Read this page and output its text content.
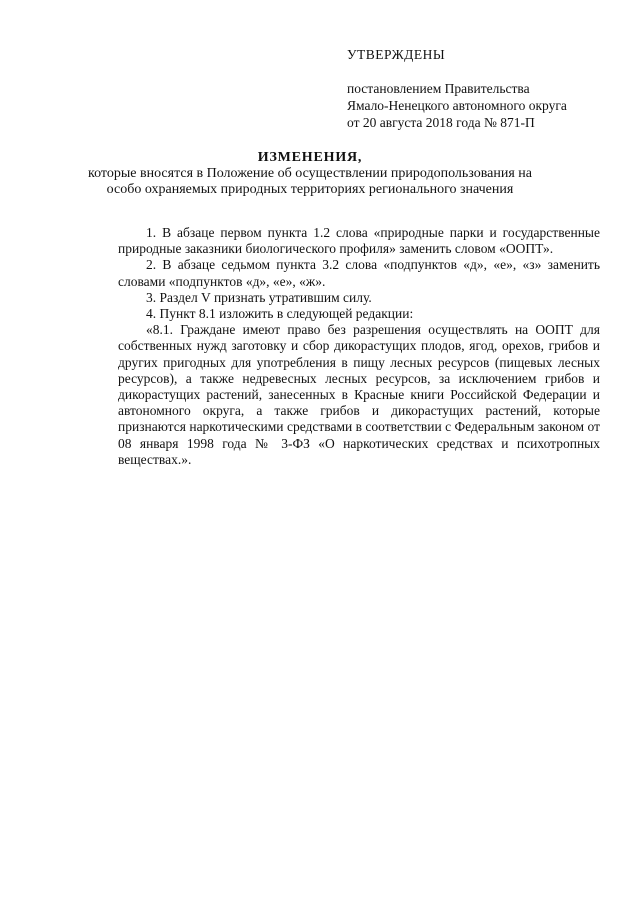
УТВЕРЖДЕНЫ
постановлением Правительства
Ямало-Ненецкого автономного округа
от 20 августа 2018 года № 871-П
ИЗМЕНЕНИЯ,
которые вносятся в Положение об осуществлении природопользования на
особо охраняемых природных территориях регионального значения

1. В абзаце первом пункта 1.2 слова «природные парки и государственные природные заказники биологического профиля» заменить словом «ООПТ».

2. В абзаце седьмом пункта 3.2 слова «подпунктов «д», «е», «з» заменить словами «подпунктов «д», «е», «ж».

3. Раздел V признать утратившим силу.

4. Пункт 8.1 изложить в следующей редакции:

«8.1. Граждане имеют право без разрешения осуществлять на ООПТ для собственных нужд заготовку и сбор дикорастущих плодов, ягод, орехов, грибов и других пригодных для употребления в пищу лесных ресурсов (пищевых лесных ресурсов), а также недревесных лесных ресурсов, за исключением грибов и дикорастущих растений, занесенных в Красные книги Российской Федерации и автономного округа, а также грибов и дикорастущих растений, которые признаются наркотическими средствами в соответствии с Федеральным законом от 08 января 1998 года № 3-ФЗ «О наркотических средствах и психотропных веществах.».
